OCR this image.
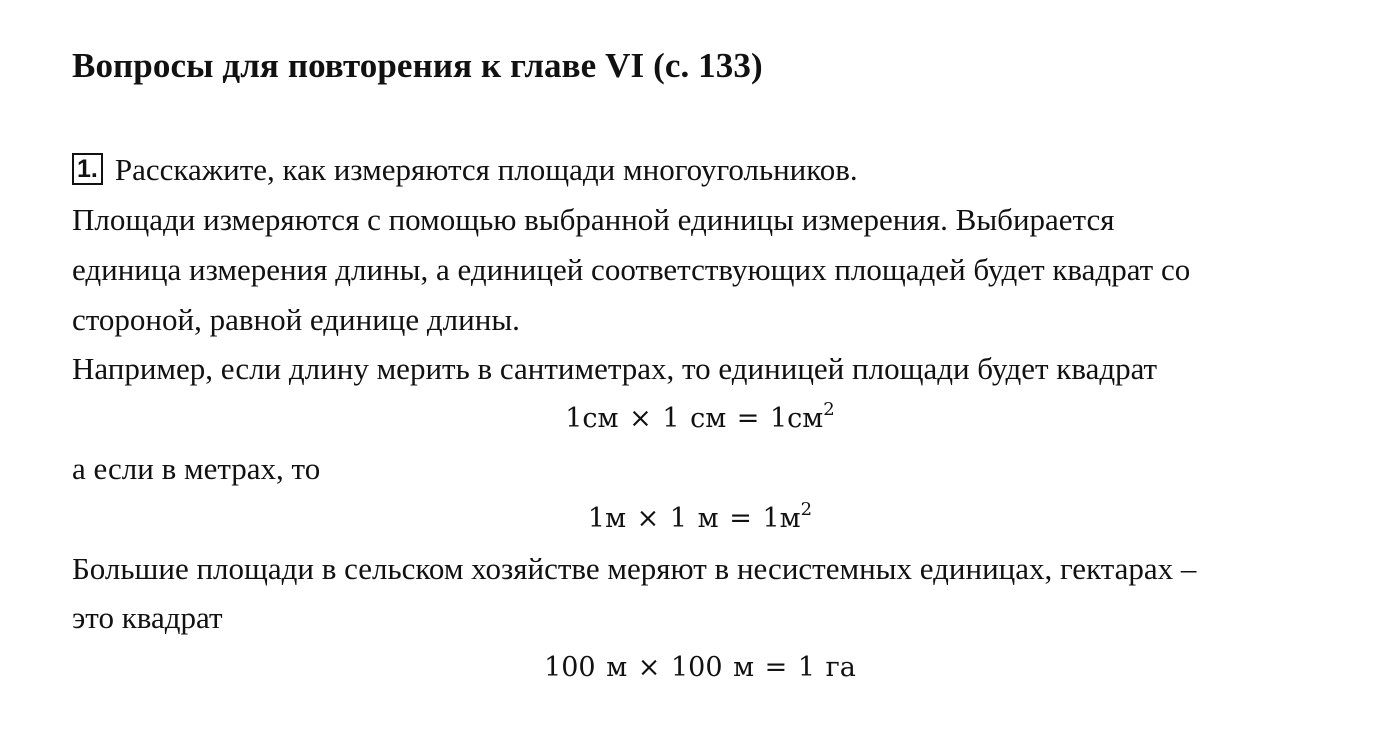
Вопросы для повторения к главе VI (с. 133)

1. Расскажите, как измеряются площади многоугольников.

Площади измеряются с помощью выбранной единицы измерения. Выбирается

единица измерения длины, а единицей соответствующих площадей будет квадрат со

стороной, равной единице длины.

Например, если длину мерить в сантиметрах, то единицей площади будет квадрат

1см × 1 см = $1см^2$

а если в метрах, то

1м × 1 $м = 1м^2$

Большие площади в сельском хозяйстве меряют в несистемных единицах, гектарах –

это квадрат

100 м × 100 м = 1 га
